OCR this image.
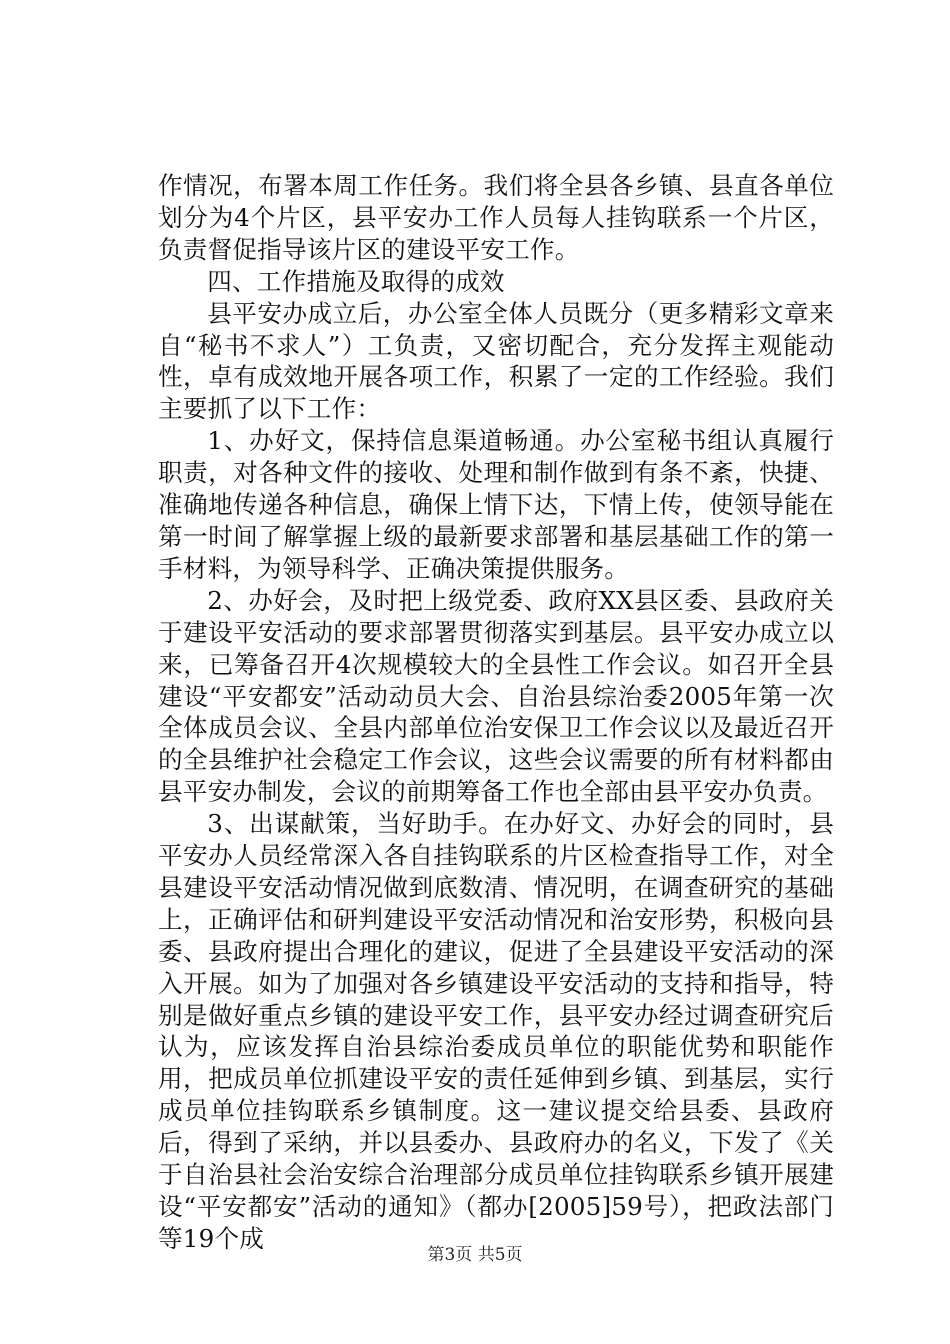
作情况，布署本周工作任务。我们将全县各乡镇、县直各单位划分为4个片区，县平安办工作人员每人挂钩联系一个片区，负责督促指导该片区的建设平安工作。

四、工作措施及取得的成效

县平安办成立后，办公室全体人员既分（更多精彩文章来自“秘书不求人”）工负责，又密切配合，充分发挥主观能动性，卓有成效地开展各项工作，积累了一定的工作经验。我们主要抓了以下工作：

1、办好文，保持信息渠道畅通。办公室秘书组认真履行职责，对各种文件的接收、处理和制作做到有条不紊，快捷、准确地传递各种信息，确保上情下达，下情上传，使领导能在第一时间了解掌握上级的最新要求部署和基层基础工作的第一手材料，为领导科学、正确决策提供服务。

2、办好会，及时把上级党委、政府XX县区委、县政府关于建设平安活动的要求部署贯彻落实到基层。县平安办成立以来，已筹备召开4次规模较大的全县性工作会议。如召开全县建设“平安都安”活动动员大会、自治县综治委2005年第一次全体成员会议、全县内部单位治安保卫工作会议以及最近召开的全县维护社会稳定工作会议，这些会议需要的所有材料都由县平安办制发，会议的前期筹备工作也全部由县平安办负责。

3、出谋献策，当好助手。在办好文、办好会的同时，县平安办人员经常深入各自挂钩联系的片区检查指导工作，对全县建设平安活动情况做到底数清、情况明，在调查研究的基础上，正确评估和研判建设平安活动情况和治安形势，积极向县委、县政府提出合理化的建议，促进了全县建设平安活动的深入开展。如为了加强对各乡镇建设平安活动的支持和指导，特别是做好重点乡镇的建设平安工作，县平安办经过调查研究后认为，应该发挥自治县综治委成员单位的职能优势和职能作用，把成员单位抓建设平安的责任延伸到乡镇、到基层，实行成员单位挂钩联系乡镇制度。这一建议提交给县委、县政府后，得到了采纳，并以县委办、县政府办的名义，下发了《关于自治县社会治安综合治理部分成员单位挂钩联系乡镇开展建设“平安都安”活动的通知》（都办[2005]59号），把政法部门等19个成

第3页 共5页
